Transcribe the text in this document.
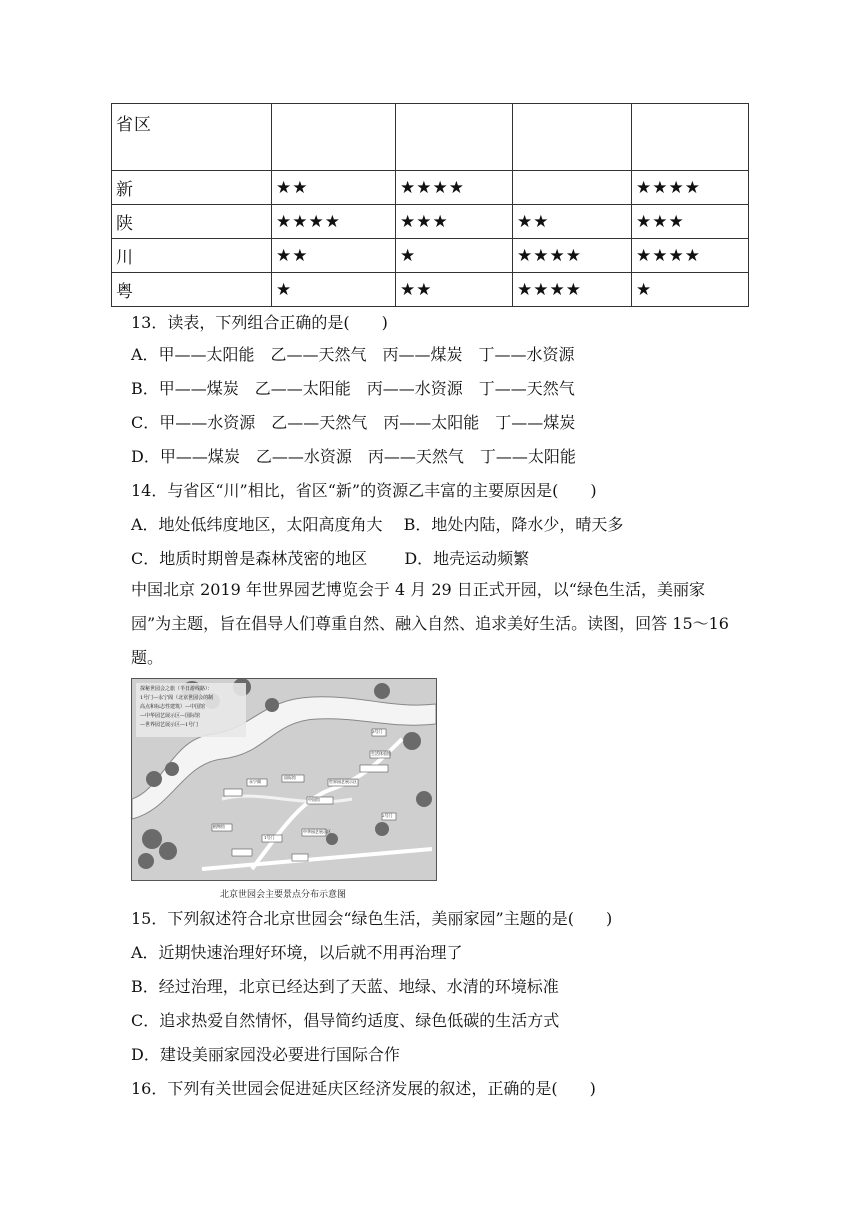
省区				
新	★★	★★★★		★★★★
陕	★★★★	★★★	★★	★★★
川	★★	★	★★★★	★★★★
粤	★	★★	★★★★	★
13．读表，下列组合正确的是(　　)
A．甲——太阳能　乙——天然气　丙——煤炭　丁——水资源
B．甲——煤炭　乙——太阳能　丙——水资源　丁——天然气
C．甲——水资源　乙——天然气　丙——太阳能　丁——煤炭
D．甲——煤炭　乙——水资源　丙——天然气　丁——太阳能
14．与省区“川”相比，省区“新”的资源乙丰富的主要原因是(　　)
A．地处低纬度地区，太阳高度角大　 B．地处内陆，降水少，晴天多
C．地质时期曾是森林茂密的地区　　 D．地壳运动频繁
中国北京 2019 年世界园艺博览会于 4 月 29 日正式开园，以“绿色生活，美丽家园”为主题，旨在倡导人们尊重自然、融入自然、追求美好生活。读图，回答 15～16 题。
探秘世园会之旅（半日游线路）：
1号门—永宁阁（北京世园会的制
高点和标志性建筑）—中国馆
—中华园艺展示区—国际馆
—世界园艺展示区—1号门
永宁阁
中国馆
国际馆
1号门
2号门
3号门
生活体验馆
世界园艺展示区
中华园艺展示区
植物馆
北京世园会主要景点分布示意图
15．下列叙述符合北京世园会“绿色生活，美丽家园”主题的是(　　)
A．近期快速治理好环境，以后就不用再治理了
B．经过治理，北京已经达到了天蓝、地绿、水清的环境标准
C．追求热爱自然情怀，倡导简约适度、绿色低碳的生活方式
D．建设美丽家园没必要进行国际合作
16．下列有关世园会促进延庆区经济发展的叙述，正确的是(　　)
